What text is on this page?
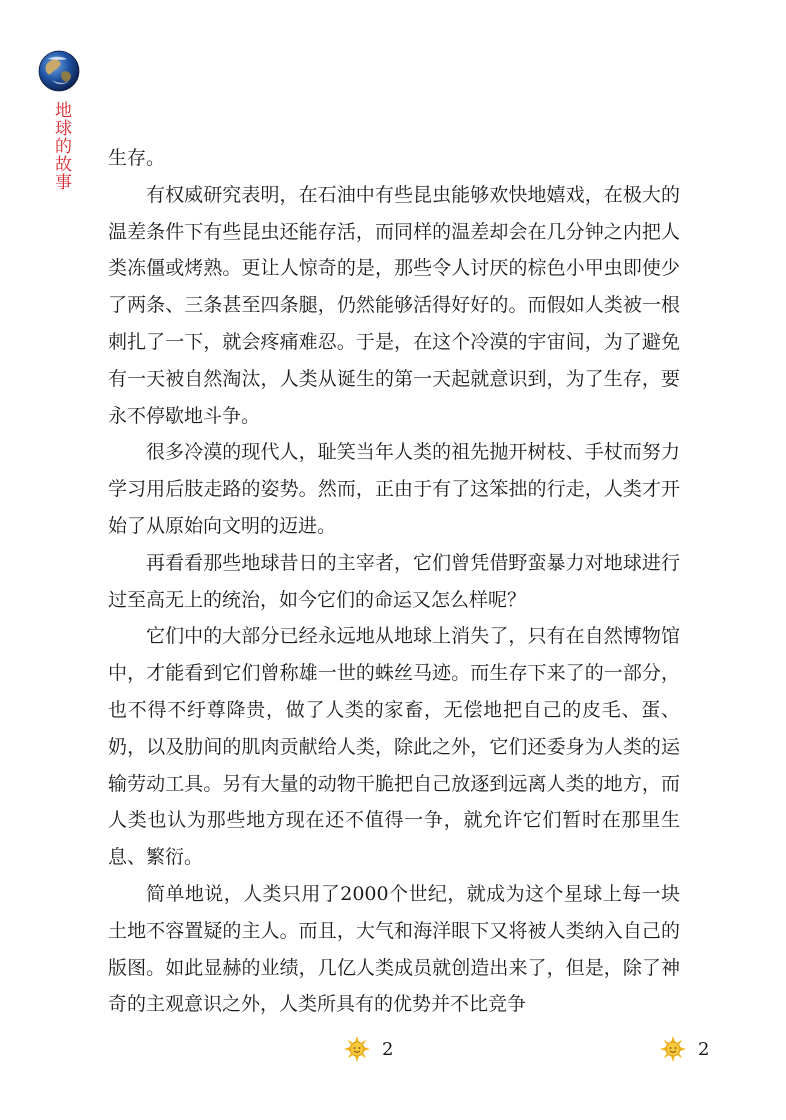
地球的故事 生存。

有权威研究表明，在石油中有些昆虫能够欢快地嬉戏，在极大的温差条件下有些昆虫还能存活，而同样的温差却会在几分钟之内把人类冻僵或烤熟。更让人惊奇的是，那些令人讨厌的棕色小甲虫即使少了两条、三条甚至四条腿，仍然能够活得好好的。而假如人类被一根刺扎了一下，就会疼痛难忍。于是，在这个冷漠的宇宙间，为了避免有一天被自然淘汰，人类从诞生的第一天起就意识到，为了生存，要永不停歇地斗争。

很多冷漠的现代人，耻笑当年人类的祖先抛开树枝、手杖而努力学习用后肢走路的姿势。然而，正由于有了这笨拙的行走，人类才开始了从原始向文明的迈进。

再看看那些地球昔日的主宰者，它们曾凭借野蛮暴力对地球进行过至高无上的统治，如今它们的命运又怎么样呢？

它们中的大部分已经永远地从地球上消失了，只有在自然博物馆中，才能看到它们曾称雄一世的蛛丝马迹。而生存下来了的一部分，也不得不纡尊降贵，做了人类的家畜，无偿地把自己的皮毛、蛋、奶，以及肋间的肌肉贡献给人类，除此之外，它们还委身为人类的运输劳动工具。另有大量的动物干脆把自己放逐到远离人类的地方，而人类也认为那些地方现在还不值得一争，就允许它们暂时在那里生息、繁衍。

简单地说，人类只用了2000个世纪，就成为这个星球上每一块土地不容置疑的主人。而且，大气和海洋眼下又将被人类纳入自己的版图。如此显赫的业绩，几亿人类成员就创造出来了，但是，除了神奇的主观意识之外，人类所具有的优势并不比竞争

2	2
